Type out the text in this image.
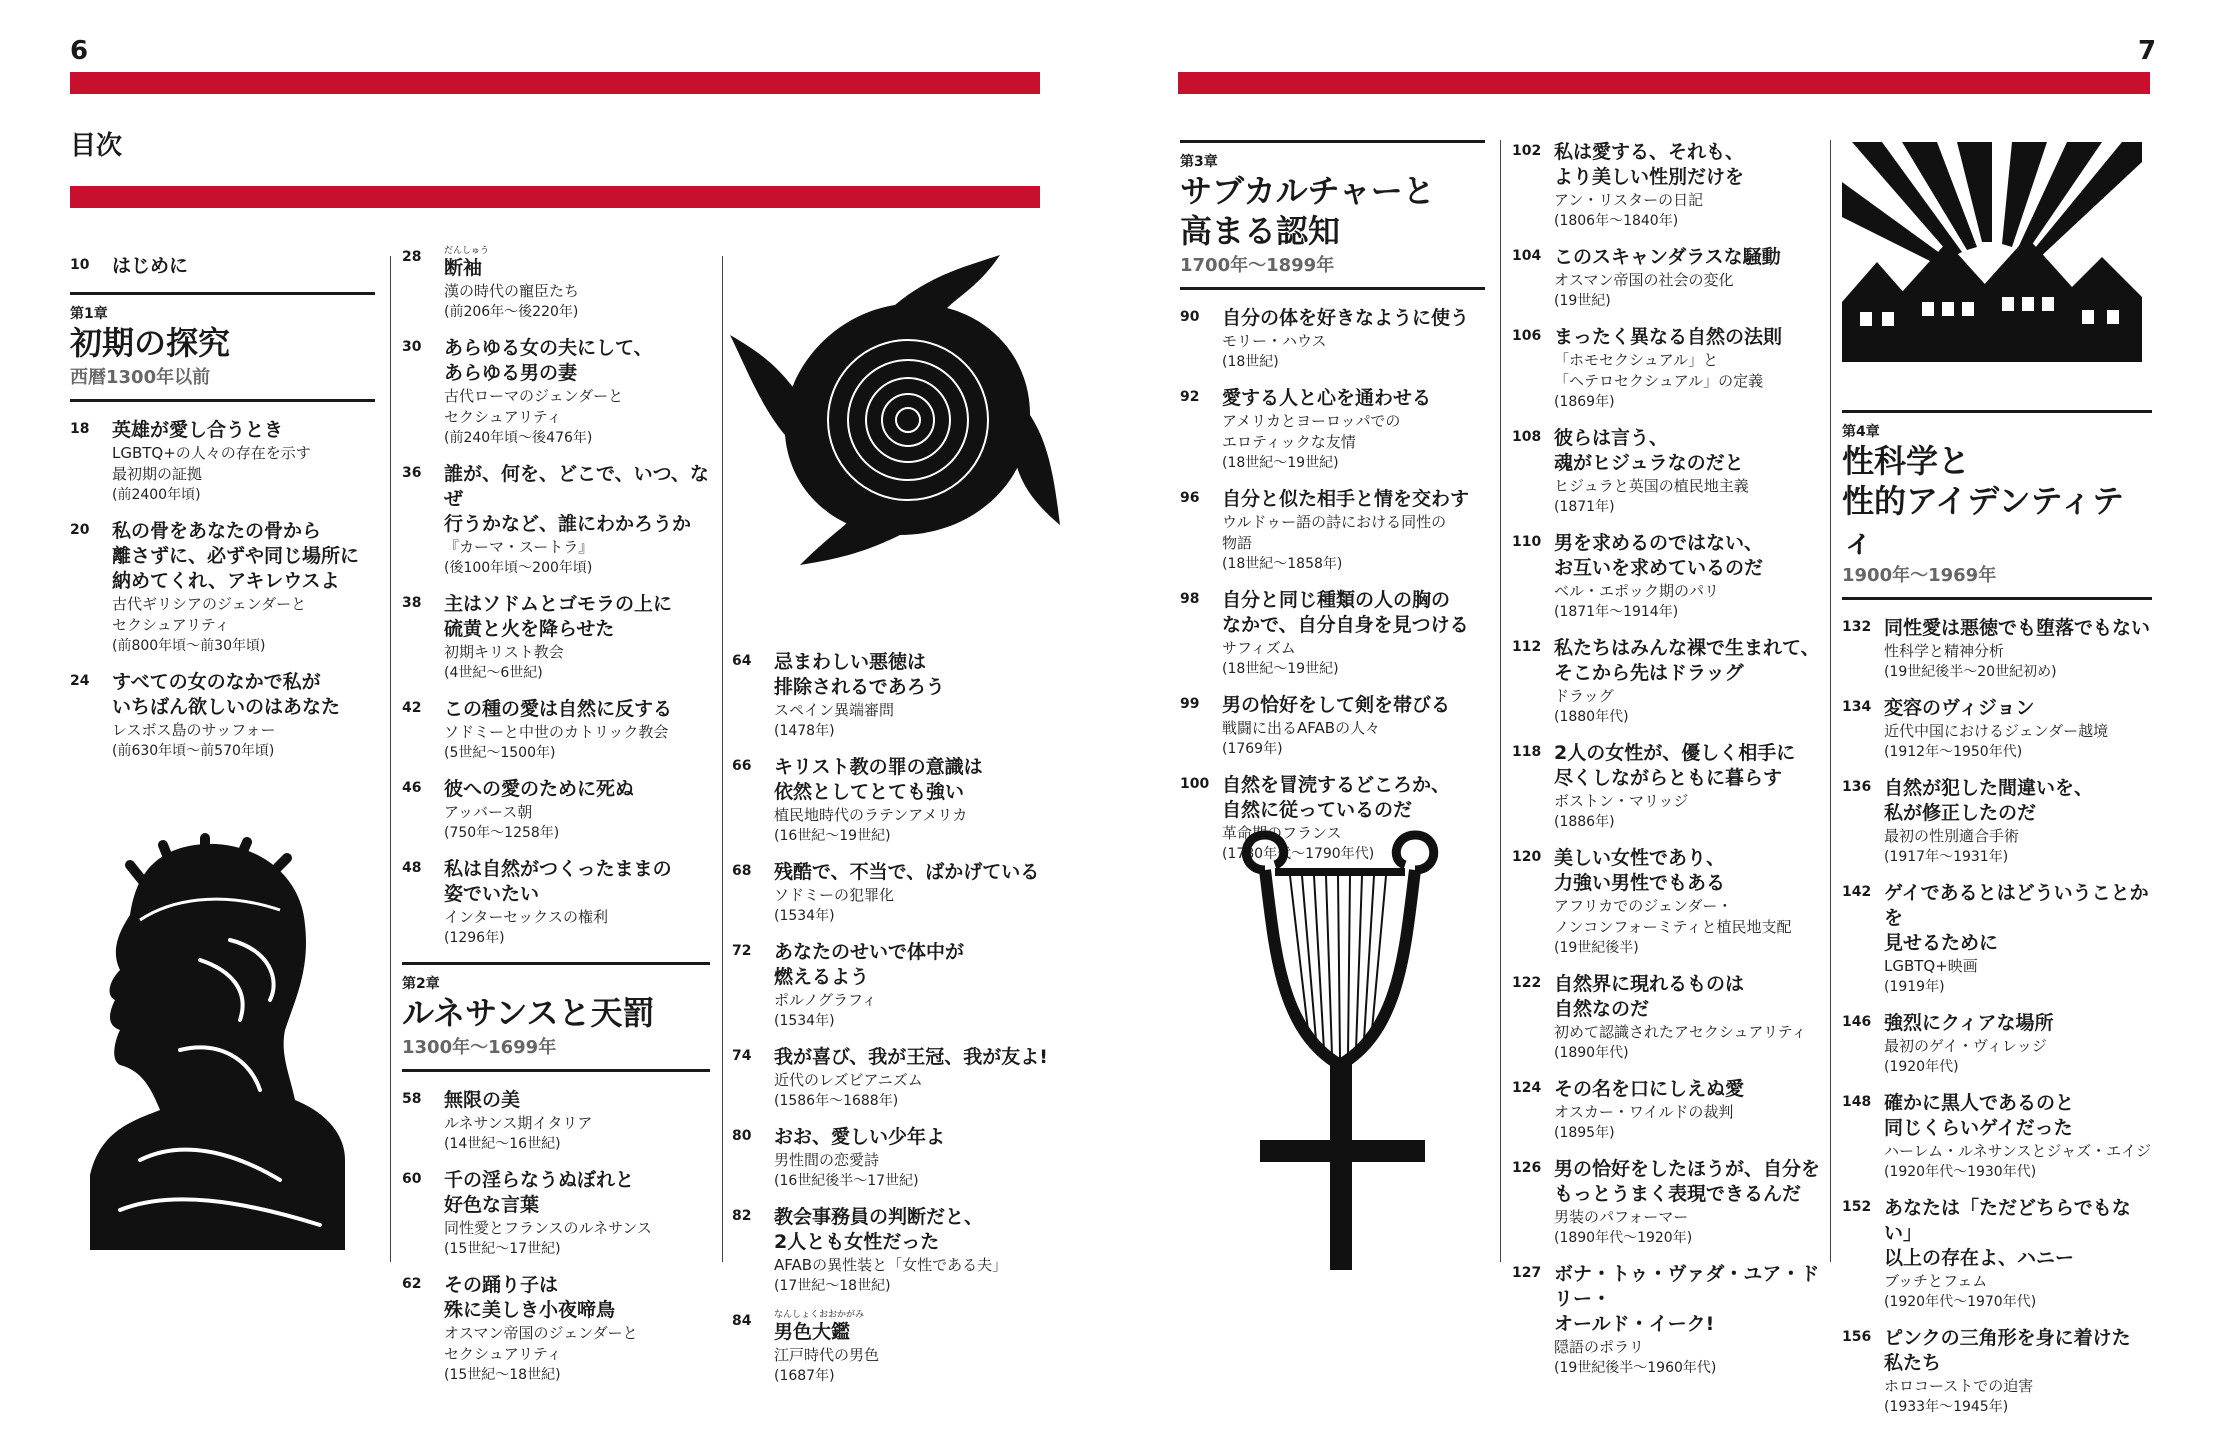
6	7
目次
10	はじめに
第1章
初期の探究
西暦1300年以前
18	英雄が愛し合うとき
LGBTQ+の人々の存在を示す
最初期の証拠
(前2400年頃)
20	私の骨をあなたの骨から
離さずに、必ずや同じ場所に
納めてくれ、アキレウスよ
古代ギリシアのジェンダーと
セクシュアリティ
(前800年頃〜前30年頃)
24	すべての女のなかで私が
いちばん欲しいのはあなた
レスボス島のサッフォー
(前630年頃〜前570年頃)
28	だんしゅう
断袖
漢の時代の寵臣たち
(前206年〜後220年)
30	あらゆる女の夫にして、
あらゆる男の妻
古代ローマのジェンダーと
セクシュアリティ
(前240年頃〜後476年)
36	誰が、何を、どこで、いつ、なぜ
行うかなど、誰にわかろうか
『カーマ・スートラ』
(後100年頃〜200年頃)
38	主はソドムとゴモラの上に
硫黄と火を降らせた
初期キリスト教会
(4世紀〜6世紀)
42	この種の愛は自然に反する
ソドミーと中世のカトリック教会
(5世紀〜1500年)
46	彼への愛のために死ぬ
アッバース朝
(750年〜1258年)
48	私は自然がつくったままの
姿でいたい
インターセックスの権利
(1296年)
第2章
ルネサンスと天罰
1300年〜1699年
58	無限の美
ルネサンス期イタリア
(14世紀〜16世紀)
60	千の淫らなうぬぼれと
好色な言葉
同性愛とフランスのルネサンス
(15世紀〜17世紀)
62	その踊り子は
殊に美しき小夜啼鳥
オスマン帝国のジェンダーと
セクシュアリティ
(15世紀〜18世紀)
64	忌まわしい悪徳は
排除されるであろう
スペイン異端審問
(1478年)
66	キリスト教の罪の意識は
依然としてとても強い
植民地時代のラテンアメリカ
(16世紀〜19世紀)
68	残酷で、不当で、ばかげている
ソドミーの犯罪化
(1534年)
72	あなたのせいで体中が
燃えるよう
ポルノグラフィ
(1534年)
74	我が喜び、我が王冠、我が友よ!
近代のレズビアニズム
(1586年〜1688年)
80	おお、愛しい少年よ
男性間の恋愛詩
(16世紀後半〜17世紀)
82	教会事務員の判断だと、
2人とも女性だった
AFABの異性装と「女性である夫」
(17世紀〜18世紀)
84	なんしょくおおかがみ
男色大鑑
江戸時代の男色
(1687年)
第3章
サブカルチャーと
高まる認知
1700年〜1899年
90	自分の体を好きなように使う
モリー・ハウス
(18世紀)
92	愛する人と心を通わせる
アメリカとヨーロッパでの
エロティックな友情
(18世紀〜19世紀)
96	自分と似た相手と情を交わす
ウルドゥー語の詩における同性の
物語
(18世紀〜1858年)
98	自分と同じ種類の人の胸の
なかで、自分自身を見つける
サフィズム
(18世紀〜19世紀)
99	男の恰好をして剣を帯びる
戦闘に出るAFABの人々
(1769年)
100 自然を冒涜するどころか、
自然に従っているのだ
革命期のフランス
(1780年代〜1790年代)
102 私は愛する、それも、
より美しい性別だけを
アン・リスターの日記
(1806年〜1840年)
104 このスキャンダラスな騒動
オスマン帝国の社会の変化
(19世紀)
106 まったく異なる自然の法則
「ホモセクシュアル」と
「ヘテロセクシュアル」の定義
(1869年)
108 彼らは言う、
魂がヒジュラなのだと
ヒジュラと英国の植民地主義
(1871年)
110 男を求めるのではない、
お互いを求めているのだ
ベル・エポック期のパリ
(1871年〜1914年)
112 私たちはみんな裸で生まれて、
そこから先はドラッグ
ドラッグ
(1880年代)
118 2人の女性が、優しく相手に
尽くしながらともに暮らす
ボストン・マリッジ
(1886年)
120 美しい女性であり、
力強い男性でもある
アフリカでのジェンダー・
ノンコンフォーミティと植民地支配
(19世紀後半)
122 自然界に現れるものは
自然なのだ
初めて認識されたアセクシュアリティ
(1890年代)
124 その名を口にしえぬ愛
オスカー・ワイルドの裁判
(1895年)
126 男の恰好をしたほうが、自分を
もっとうまく表現できるんだ
男装のパフォーマー
(1890年代〜1920年)
127 ボナ・トゥ・ヴァダ・ユア・ドリー・
オールド・イーク!
隠語のポラリ
(19世紀後半〜1960年代)
第4章
性科学と
性的アイデンティティ
1900年〜1969年
132 同性愛は悪徳でも堕落でもない
性科学と精神分析
(19世紀後半〜20世紀初め)
134 変容のヴィジョン
近代中国におけるジェンダー越境
(1912年〜1950年代)
136 自然が犯した間違いを、
私が修正したのだ
最初の性別適合手術
(1917年〜1931年)
142 ゲイであるとはどういうことかを
見せるために
LGBTQ+映画
(1919年)
146 強烈にクィアな場所
最初のゲイ・ヴィレッジ
(1920年代)
148 確かに黒人であるのと
同じくらいゲイだった
ハーレム・ルネサンスとジャズ・エイジ
(1920年代〜1930年代)
152 あなたは「ただどちらでもない」
以上の存在よ、ハニー
ブッチとフェム
(1920年代〜1970年代)
156 ピンクの三角形を身に着けた
私たち
ホロコーストでの迫害
(1933年〜1945年)
